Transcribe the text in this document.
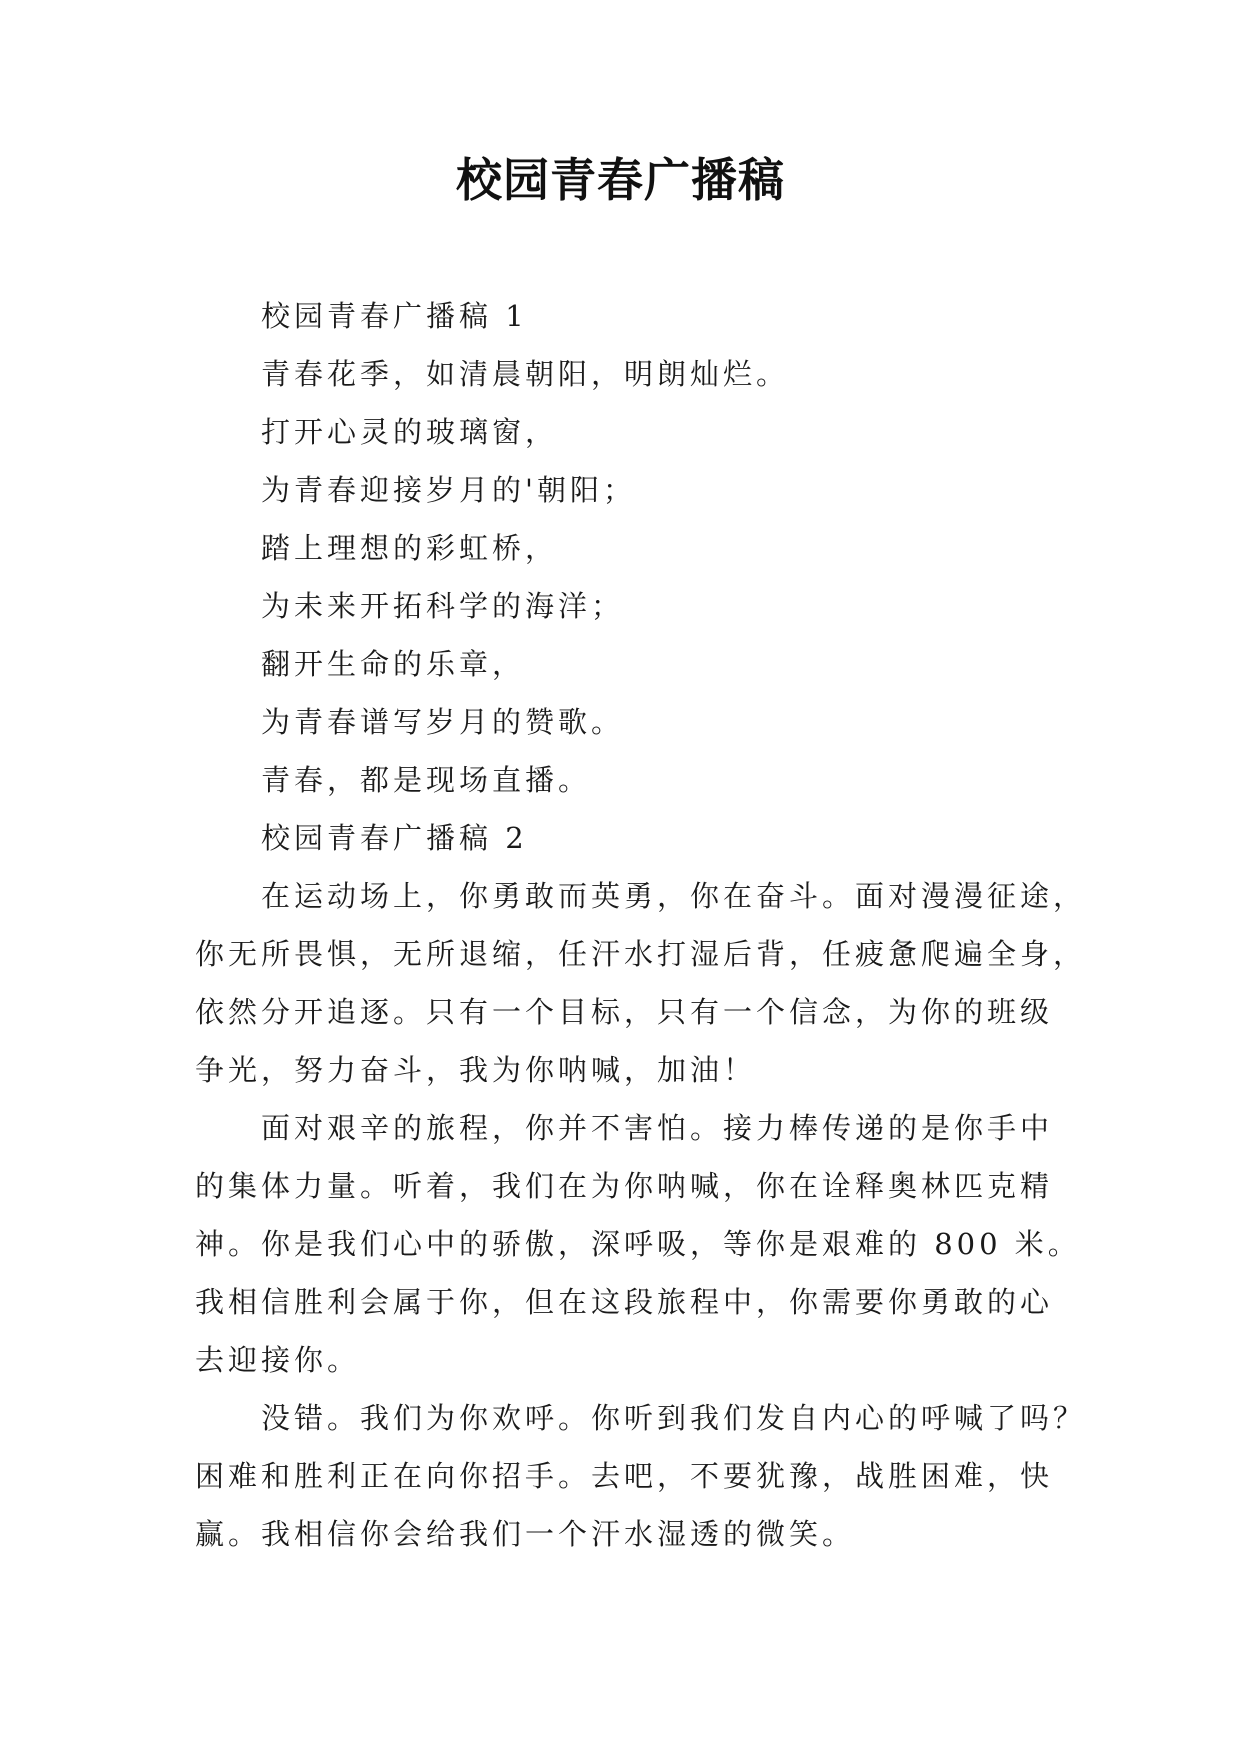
校园青春广播稿
校园青春广播稿 1
青春花季，如清晨朝阳，明朗灿烂。
打开心灵的玻璃窗，
为青春迎接岁月的'朝阳；
踏上理想的彩虹桥，
为未来开拓科学的海洋；
翻开生命的乐章，
为青春谱写岁月的赞歌。
青春，都是现场直播。
校园青春广播稿 2
在运动场上，你勇敢而英勇，你在奋斗。面对漫漫征途，
你无所畏惧，无所退缩，任汗水打湿后背，任疲惫爬遍全身，
依然分开追逐。只有一个目标，只有一个信念，为你的班级
争光，努力奋斗，我为你呐喊，加油！
面对艰辛的旅程，你并不害怕。接力棒传递的是你手中
的集体力量。听着，我们在为你呐喊，你在诠释奥林匹克精
神。你是我们心中的骄傲，深呼吸，等你是艰难的 800 米。
我相信胜利会属于你，但在这段旅程中，你需要你勇敢的心
去迎接你。
没错。我们为你欢呼。你听到我们发自内心的呼喊了吗？
困难和胜利正在向你招手。去吧，不要犹豫，战胜困难，快
赢。我相信你会给我们一个汗水湿透的微笑。
